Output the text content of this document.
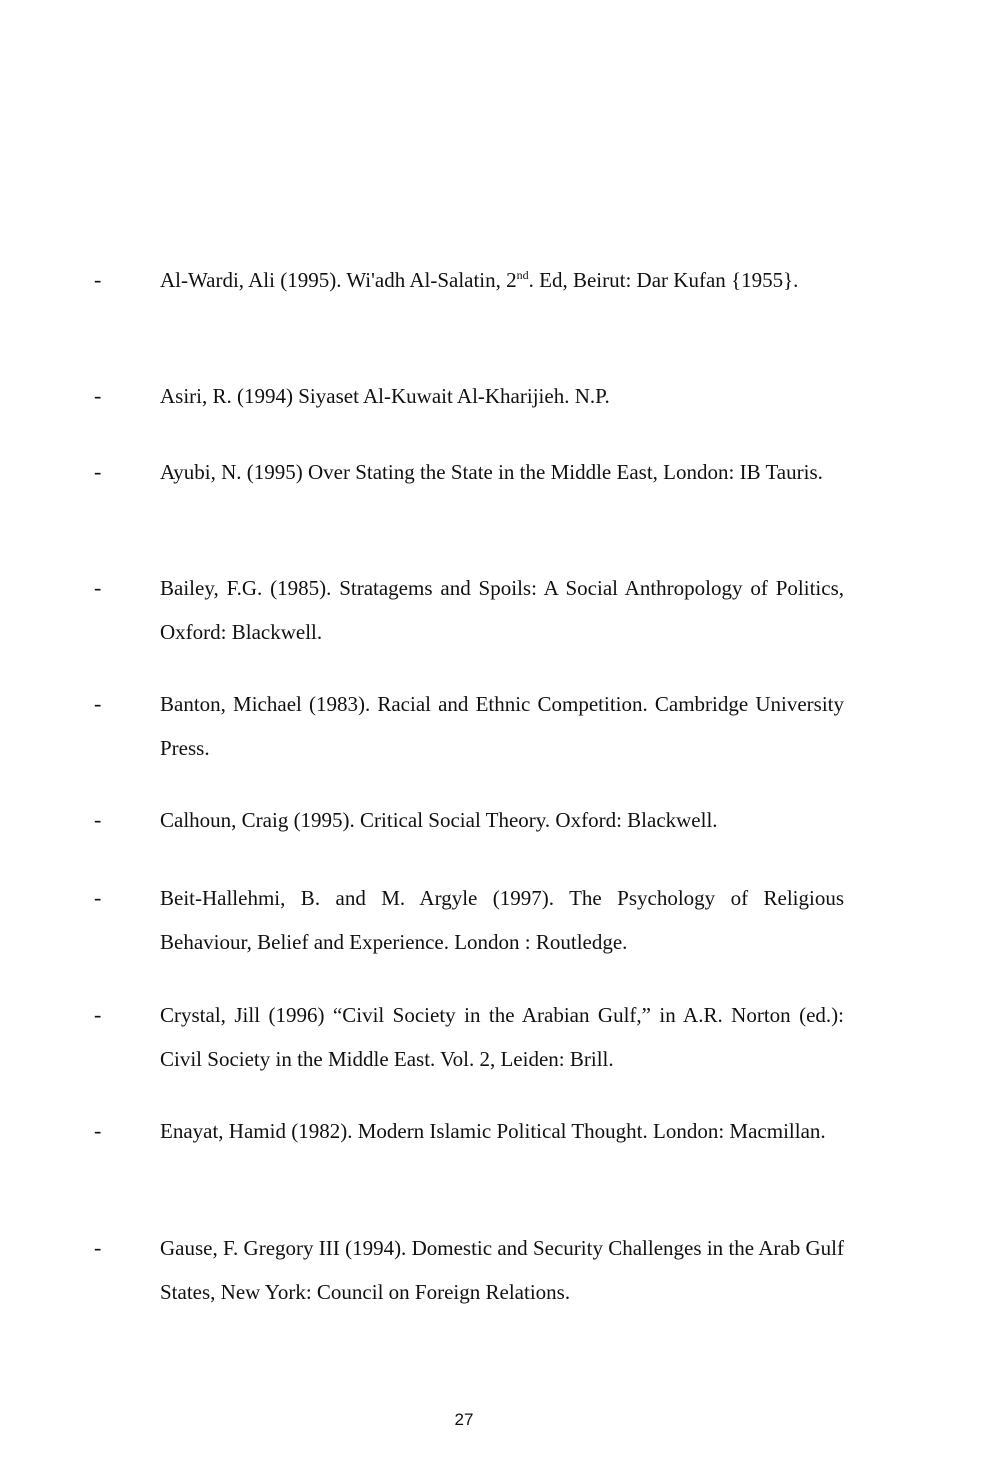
-	Al-Wardi, Ali (1995). Wi'adh Al-Salatin, 2nd. Ed, Beirut: Dar Kufan {1955}.
-	Asiri, R. (1994) Siyaset Al-Kuwait Al-Kharijieh. N.P.
-	Ayubi, N. (1995) Over Stating the State in the Middle East, London: IB Tauris.
-	Bailey, F.G. (1985). Stratagems and Spoils: A Social Anthropology of Politics, Oxford: Blackwell.
-	Banton, Michael (1983). Racial and Ethnic Competition. Cambridge University Press.
-	Calhoun, Craig (1995). Critical Social Theory. Oxford: Blackwell.
-	Beit-Hallehmi, B. and M. Argyle (1997). The Psychology of Religious Behaviour, Belief and Experience. London : Routledge.
-	Crystal, Jill (1996) “Civil Society in the Arabian Gulf,” in A.R. Norton (ed.): Civil Society in the Middle East. Vol. 2, Leiden: Brill.
-	Enayat, Hamid (1982). Modern Islamic Political Thought. London: Macmillan.
-	Gause, F. Gregory III (1994). Domestic and Security Challenges in the Arab Gulf States, New York: Council on Foreign Relations.
27
